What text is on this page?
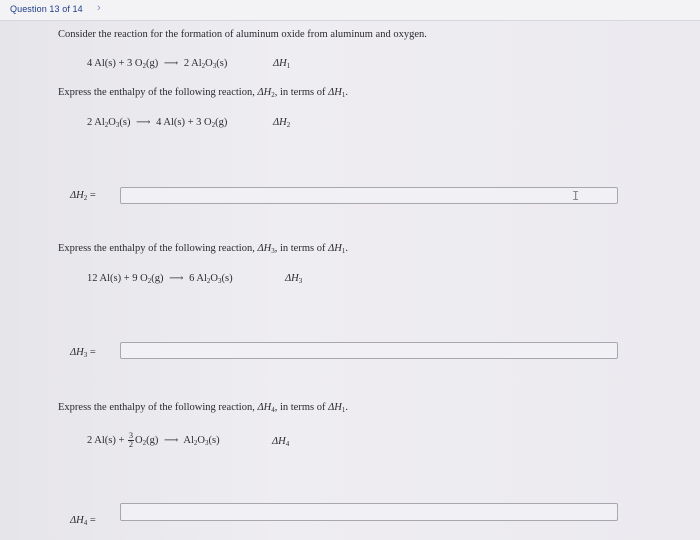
Question 13 of 14 ›
Consider the reaction for the formation of aluminum oxide from aluminum and oxygen.
4 Al(s) + 3 $O_2(g)$ ⟶ 2 $Al_2O_3(s)$	$\Delta H_1$
Express the enthalpy of the following reaction, $\Delta H_2$, in terms of $\Delta H_1$.
2 $Al_2O_3(s)$ ⟶ 4 Al(s) + 3 $O_2(g)$	$\Delta H_2$
$\Delta H_2$ =	I
Express the enthalpy of the following reaction, $\Delta H_3$, in terms of $\Delta H_1$.
12 Al(s) + 9 $O_2(g)$ ⟶ 6 $Al_2O_3(s)$	$\Delta H_3$
$\Delta H_3$ =
Express the enthalpy of the following reaction, $\Delta H_4$, in terms of $\Delta H_1$.
2 $Al(s) + \frac{3}{2} O_2(g)$ ⟶ $Al_2O_3(s)$	$\Delta H_4$
$\Delta H_4$ =
